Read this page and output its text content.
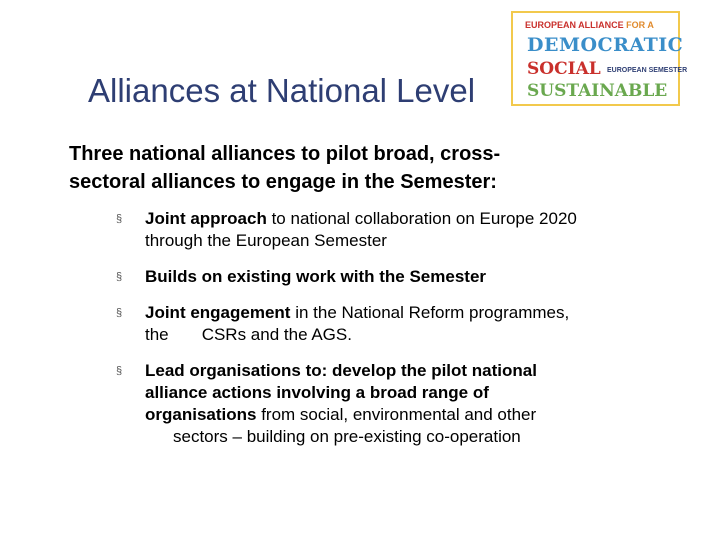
Alliances at National Level
EUROPEAN ALLIANCE FOR A
DEMOCRATIC
SOCIAL EUROPEAN SEMESTER
SUSTAINABLE
Three national alliances to pilot broad, cross-
sectoral alliances to engage in the Semester:
§ Joint approach to national collaboration on Europe 2020
through the European Semester
§ Builds on existing work with the Semester
§ Joint engagement in the National Reform programmes,
the       CSRs and the AGS.
§ Lead organisations to: develop the pilot national
alliance actions involving a broad range of
organisations from social, environmental and other
sectors – building on pre-existing co-operation
